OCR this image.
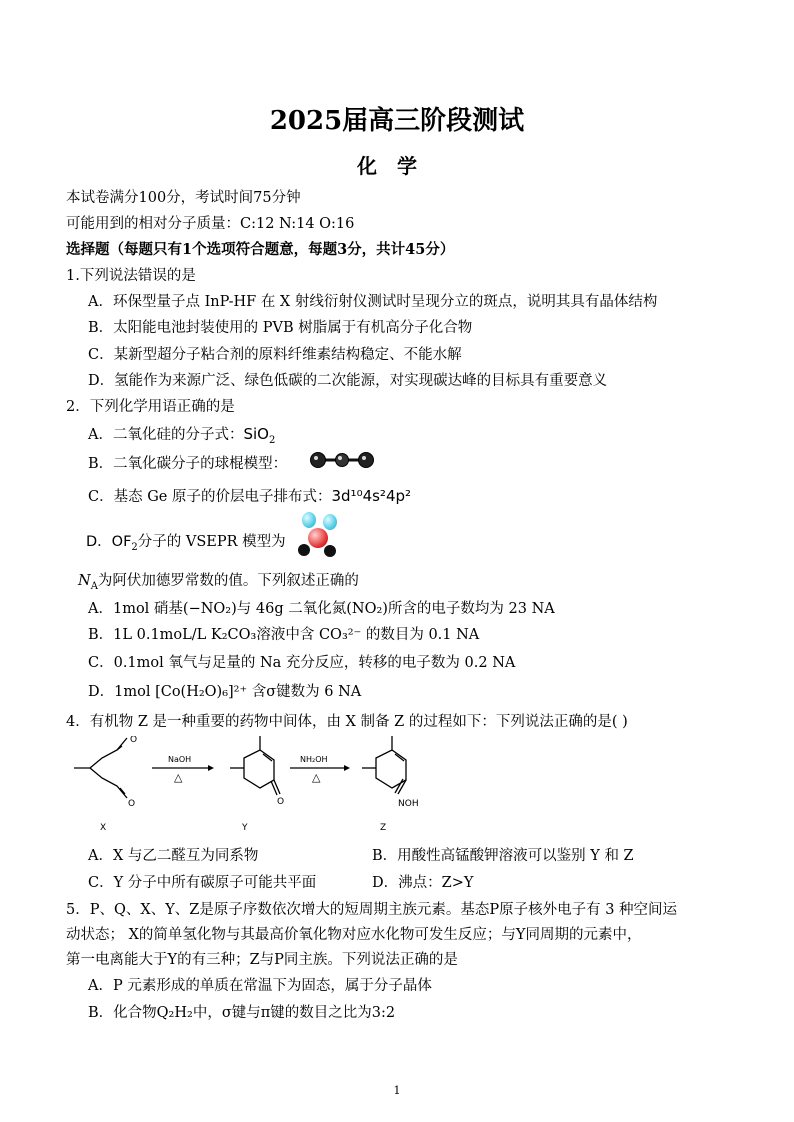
2025届高三阶段测试
化学
本试卷满分100分，考试时间75分钟
可能用到的相对分子质量：C:12 N:14 O:16
选择题（每题只有1个选项符合题意，每题3分，共计45分）
1.下列说法错误的是
A．环保型量子点 InP-HF 在 X 射线衍射仪测试时呈现分立的斑点，说明其具有晶体结构
B．太阳能电池封装使用的 PVB 树脂属于有机高分子化合物
C．某新型超分子粘合剂的原料纤维素结构稳定、不能水解
D．氢能作为来源广泛、绿色低碳的二次能源，对实现碳达峰的目标具有重要意义
2．下列化学用语正确的是
A．二氧化硅的分子式：SiO$_2$
B．二氧化碳分子的球棍模型：
C．基态 Ge 原子的价层电子排布式：3d¹⁰4s²4p²
D．$OF_2$分子的 VSEPR 模型为
$N_A$为阿伏加德罗常数的值。下列叙述正确的
A．1mol 硝基(−NO₂)与 46g 二氧化氮(NO₂)所含的电子数均为 23 NA
B．1L 0.1moL/L K₂CO₃溶液中含 CO₃²⁻ 的数目为 0.1 NA
C．0.1mol 氧气与足量的 Na 充分反应，转移的电子数为 0.2 NA
D．1mol [Co(H₂O)₆]²⁺ 含σ键数为 6 NA
4．有机物 Z 是一种重要的药物中间体，由 X 制备 Z 的过程如下：下列说法正确的是( )
O
O
NaOH
△
O
NH₂OH
△
NOH
X	Y	Z
A．X 与乙二醛互为同系物	B．用酸性高锰酸钾溶液可以鉴别 Y 和 Z
C．Y 分子中所有碳原子可能共平面	D．沸点：Z>Y
5．P、Q、X、Y、Z是原子序数依次增大的短周期主族元素。基态P原子核外电子有 3 种空间运
动状态； X的简单氢化物与其最高价氧化物对应水化物可发生反应；与Y同周期的元素中，
第一电离能大于Y的有三种；Z与P同主族。下列说法正确的是
A．P 元素形成的单质在常温下为固态，属于分子晶体
B．化合物Q₂H₂中，σ键与π键的数目之比为3:2
1
